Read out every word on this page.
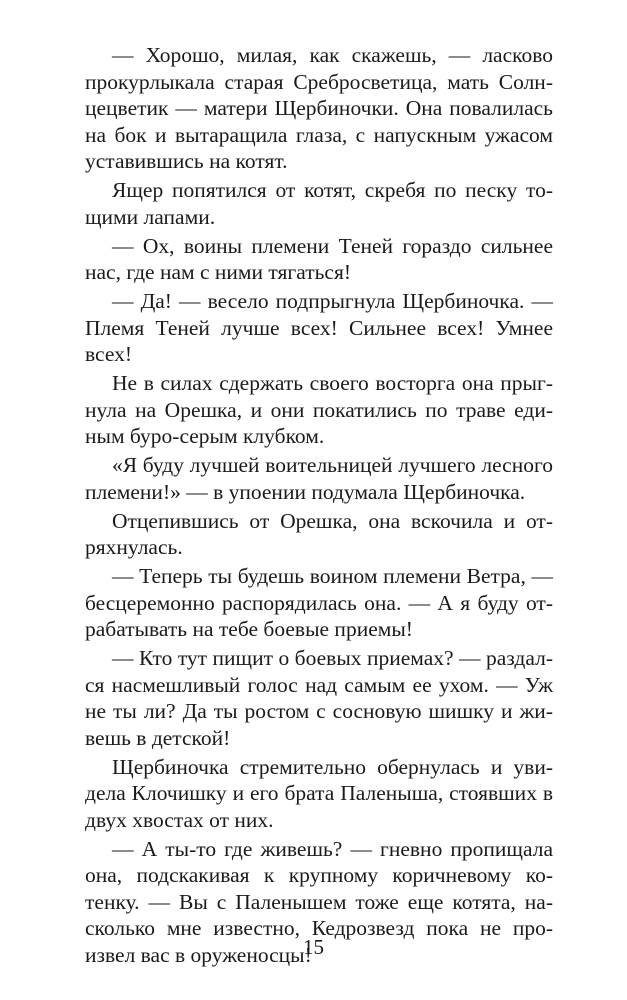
— Хорошо, милая, как скажешь, — ласково прокурлыкала старая Сребросветица, мать Солнцецветик — матери Щербиночки. Она повалилась на бок и вытаращила глаза, с напускным ужасом уставившись на котят.

Ящер попятился от котят, скребя по песку тощими лапами.

— Ох, воины племени Теней гораздо сильнее нас, где нам с ними тягаться!

— Да! — весело подпрыгнула Щербиночка. — Племя Теней лучше всех! Сильнее всех! Умнее всех!

Не в силах сдержать своего восторга она прыгнула на Орешка, и они покатились по траве единым буро-серым клубком.

«Я буду лучшей воительницей лучшего лесного племени!» — в упоении подумала Щербиночка.

Отцепившись от Орешка, она вскочила и отряхнулась.

— Теперь ты будешь воином племени Ветра, — бесцеремонно распорядилась она. — А я буду отрабатывать на тебе боевые приемы!

— Кто тут пищит о боевых приемах? — раздался насмешливый голос над самым ее ухом. — Уж не ты ли? Да ты ростом с сосновую шишку и живешь в детской!

Щербиночка стремительно обернулась и увидела Клочишку и его брата Паленыша, стоявших в двух хвостах от них.

— А ты-то где живешь? — гневно пропищала она, подскакивая к крупному коричневому котенку. — Вы с Паленышем тоже еще котята, насколько мне известно, Кедрозвезд пока не произвел вас в оруженосцы!

15
